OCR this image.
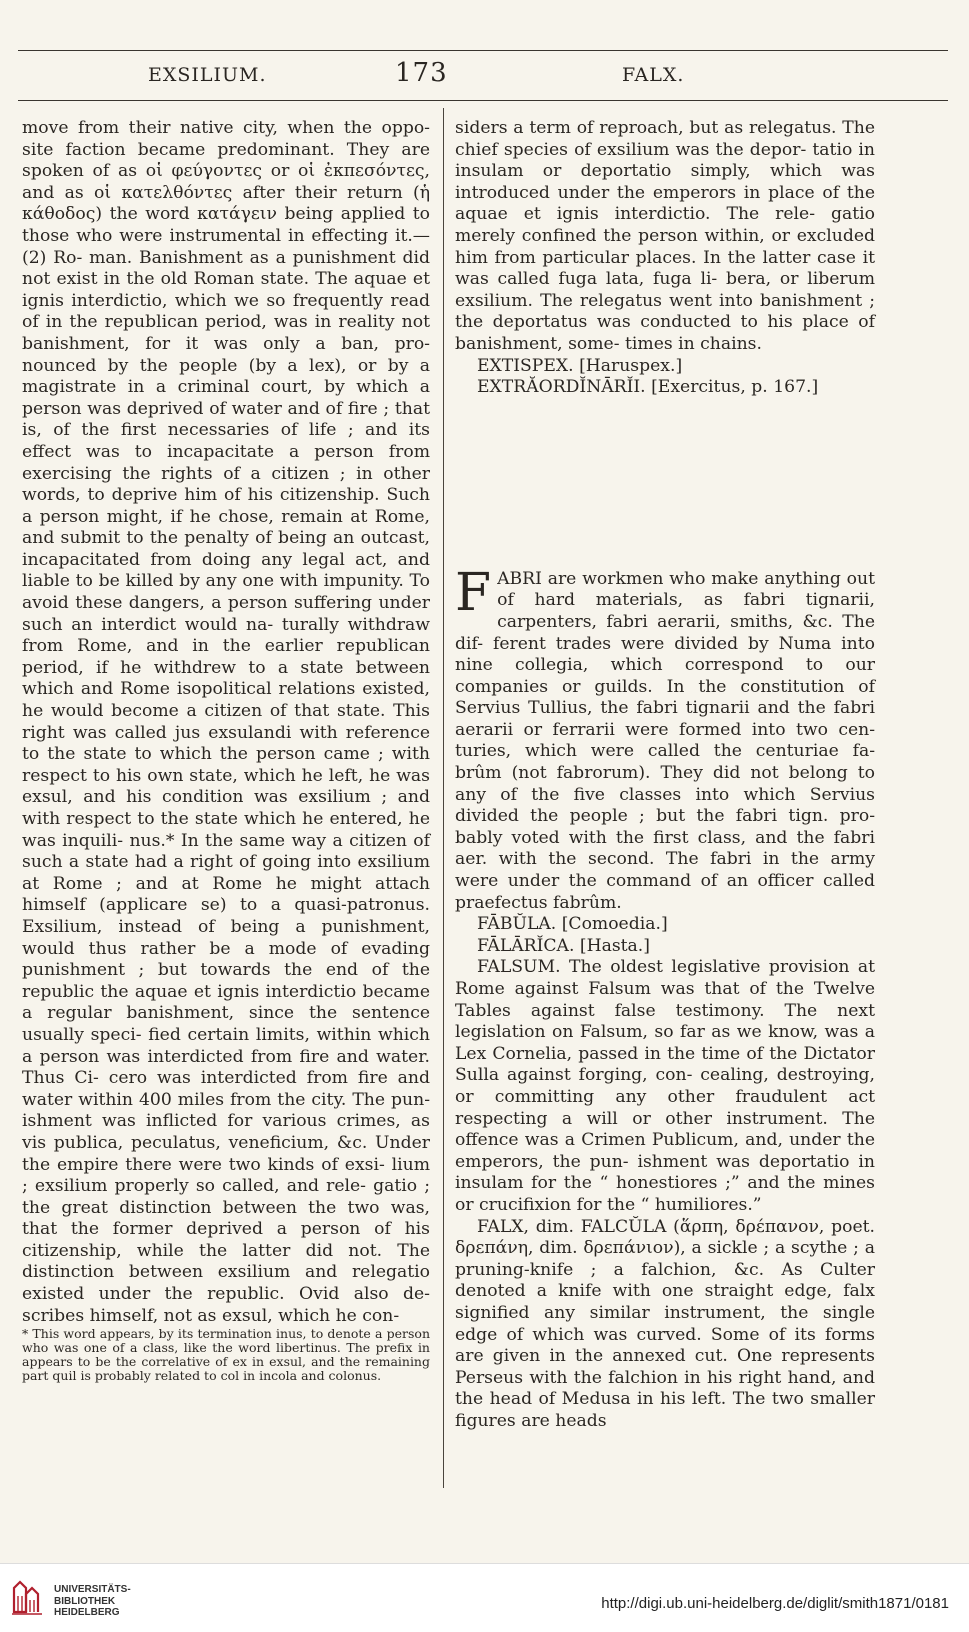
EXSILIUM.	173	FALX.

move from their native city, when the oppo- site faction became predominant. They are spoken of as οἱ φεύγοντες or οἱ ἐκπεσόντες, and as οἱ κατελθόντες after their return (ἡ κάθοδος) the word κατάγειν being applied to those who were instrumental in effecting it.—(2) Ro- man. Banishment as a punishment did not exist in the old Roman state. The aquae et ignis interdictio, which we so frequently read of in the republican period, was in reality not banishment, for it was only a ban, pro- nounced by the people (by a lex), or by a magistrate in a criminal court, by which a person was deprived of water and of fire ; that is, of the first necessaries of life ; and its effect was to incapacitate a person from exercising the rights of a citizen ; in other words, to deprive him of his citizenship. Such a person might, if he chose, remain at Rome, and submit to the penalty of being an outcast, incapacitated from doing any legal act, and liable to be killed by any one with impunity. To avoid these dangers, a person suffering under such an interdict would na- turally withdraw from Rome, and in the earlier republican period, if he withdrew to a state between which and Rome isopolitical relations existed, he would become a citizen of that state. This right was called jus exsulandi with reference to the state to which the person came ; with respect to his own state, which he left, he was exsul, and his condition was exsilium ; and with respect to the state which he entered, he was inquili- nus.* In the same way a citizen of such a state had a right of going into exsilium at Rome ; and at Rome he might attach himself (applicare se) to a quasi-patronus. Exsilium, instead of being a punishment, would thus rather be a mode of evading punishment ; but towards the end of the republic the aquae et ignis interdictio became a regular banishment, since the sentence usually speci- fied certain limits, within which a person was interdicted from fire and water. Thus Ci- cero was interdicted from fire and water within 400 miles from the city. The pun- ishment was inflicted for various crimes, as vis publica, peculatus, veneficium, &c. Under the empire there were two kinds of exsi- lium ; exsilium properly so called, and rele- gatio ; the great distinction between the two was, that the former deprived a person of his citizenship, while the latter did not. The distinction between exsilium and relegatio existed under the republic. Ovid also de- scribes himself, not as exsul, which he con-

* This word appears, by its termination inus, to denote a person who was one of a class, like the word libertinus. The prefix in appears to be the correlative of ex in exsul, and the remaining part quil is probably related to col in incola and colonus.

siders a term of reproach, but as relegatus. The chief species of exsilium was the depor- tatio in insulam or deportatio simply, which was introduced under the emperors in place of the aquae et ignis interdictio. The rele- gatio merely confined the person within, or excluded him from particular places. In the latter case it was called fuga lata, fuga li- bera, or liberum exsilium. The relegatus went into banishment ; the deportatus was conducted to his place of banishment, some- times in chains.

EXTISPEX. [Haruspex.]

EXTRĂORDĬNĀRĬI. [Exercitus, p. 167.]

FABRI are workmen who make anything out of hard materials, as fabri tignarii, carpenters, fabri aerarii, smiths, &c. The dif- ferent trades were divided by Numa into nine collegia, which correspond to our companies or guilds. In the constitution of Servius Tullius, the fabri tignarii and the fabri aerarii or ferrarii were formed into two cen- turies, which were called the centuriae fa- brûm (not fabrorum). They did not belong to any of the five classes into which Servius divided the people ; but the fabri tign. pro- bably voted with the first class, and the fabri aer. with the second. The fabri in the army were under the command of an officer called praefectus fabrûm.

FĀBŬLA. [Comoedia.]

FĀLĀRĬCA. [Hasta.]

FALSUM. The oldest legislative provision at Rome against Falsum was that of the Twelve Tables against false testimony. The next legislation on Falsum, so far as we know, was a Lex Cornelia, passed in the time of the Dictator Sulla against forging, con- cealing, destroying, or committing any other fraudulent act respecting a will or other instrument. The offence was a Crimen Publicum, and, under the emperors, the pun- ishment was deportatio in insulam for the “ honestiores ;” and the mines or crucifixion for the “ humiliores.”

FALX, dim. FALCŬLA (ἅρπη, δρέπανον, poet. δρεπάνη, dim. δρεπάνιον), a sickle ; a scythe ; a pruning-knife ; a falchion, &c. As Culter denoted a knife with one straight edge, falx signified any similar instrument, the single edge of which was curved. Some of its forms are given in the annexed cut. One represents Perseus with the falchion in his right hand, and the head of Medusa in his left. The two smaller figures are heads

UNIVERSITÄTS-
BIBLIOTHEK
HEIDELBERG
http://digi.ub.uni-heidelberg.de/diglit/smith1871/0181
